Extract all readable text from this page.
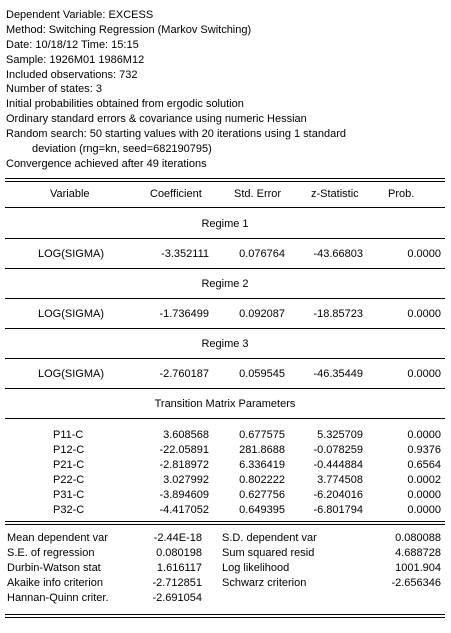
Dependent Variable: EXCESS
Method: Switching Regression (Markov Switching)
Date: 10/18/12 Time: 15:15
Sample: 1926M01 1986M12
Included observations: 732
Number of states: 3
Initial probabilities obtained from ergodic solution
Ordinary standard errors & covariance using numeric Hessian
Random search: 50 starting values with 20 iterations using 1 standard
deviation (rng=kn, seed=682190795)
Convergence achieved after 49 iterations
Variable	Coefficient	Std. Error	z-Statistic	Prob.
Regime 1
LOG(SIGMA)	-3.352111	0.076764	-43.66803	0.0000
Regime 2
LOG(SIGMA)	-1.736499	0.092087	-18.85723	0.0000
Regime 3
LOG(SIGMA)	-2.760187	0.059545	-46.35449	0.0000
Transition Matrix Parameters
P11-C	3.608568	0.677575	5.325709	0.0000
P12-C	-22.05891	281.8688	-0.078259	0.9376
P21-C	-2.818972	6.336419	-0.444884	0.6564
P22-C	3.027992	0.802222	3.774508	0.0002
P31-C	-3.894609	0.627756	-6.204016	0.0000
P32-C	-4.417052	0.649395	-6.801794	0.0000
Mean dependent var	-2.44E-18 S.D. dependent var	0.080088
S.E. of regression	0.080198 Sum squared resid	4.688728
Durbin-Watson stat	1.616117 Log likelihood	1001.904
Akaike info criterion	-2.712851 Schwarz criterion	-2.656346
Hannan-Quinn criter.	-2.691054
